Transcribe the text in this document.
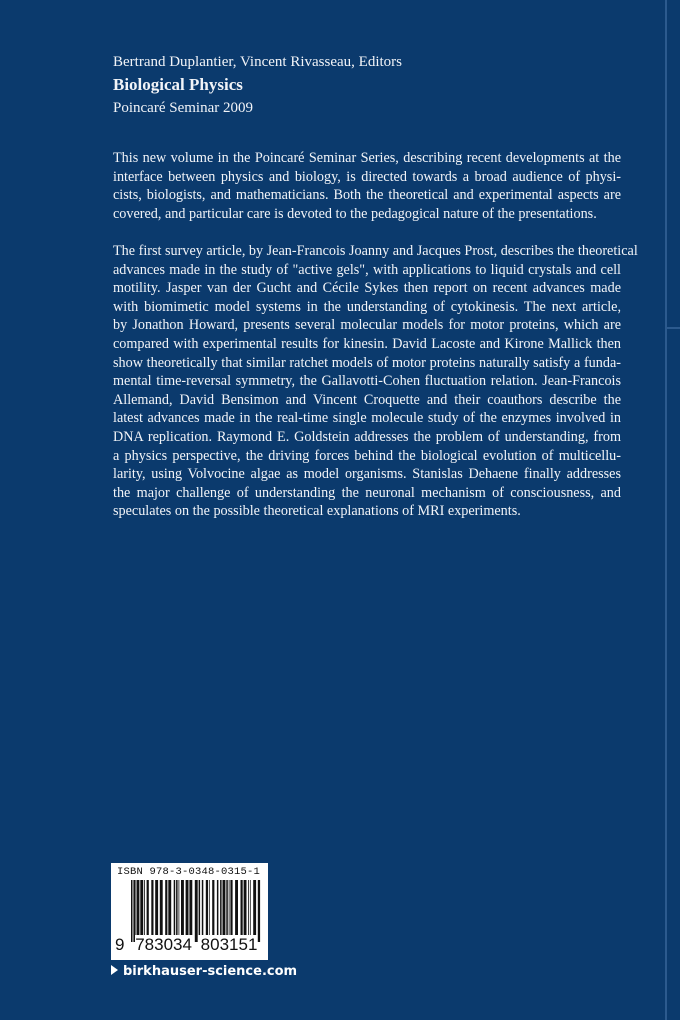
Bertrand Duplantier, Vincent Rivasseau, Editors
Biological Physics
Poincaré Seminar 2009
This new volume in the Poincaré Seminar Series, describing recent developments at the
interface between physics and biology, is directed towards a broad audience of physi-
cists, biologists, and mathematicians. Both the theoretical and experimental aspects are
covered, and particular care is devoted to the pedagogical nature of the presentations.
The first survey article, by Jean-Francois Joanny and Jacques Prost, describes the theoretical
advances made in the study of "active gels", with applications to liquid crystals and cell
motility. Jasper van der Gucht and Cécile Sykes then report on recent advances made
with biomimetic model systems in the understanding of cytokinesis. The next article,
by Jonathon Howard, presents several molecular models for motor proteins, which are
compared with experimental results for kinesin. David Lacoste and Kirone Mallick then
show theoretically that similar ratchet models of motor proteins naturally satisfy a funda-
mental time-reversal symmetry, the Gallavotti-Cohen fluctuation relation. Jean-Francois
Allemand, David Bensimon and Vincent Croquette and their coauthors describe the
latest advances made in the real-time single molecule study of the enzymes involved in
DNA replication. Raymond E. Goldstein addresses the problem of understanding, from
a physics perspective, the driving forces behind the biological evolution of multicellu-
larity, using Volvocine algae as model organisms. Stanislas Dehaene finally addresses
the major challenge of understanding the neuronal mechanism of consciousness, and
speculates on the possible theoretical explanations of MRI experiments.
ISBN 978-3-0348-0315-1
9 783034 803151
birkhauser-science.com
